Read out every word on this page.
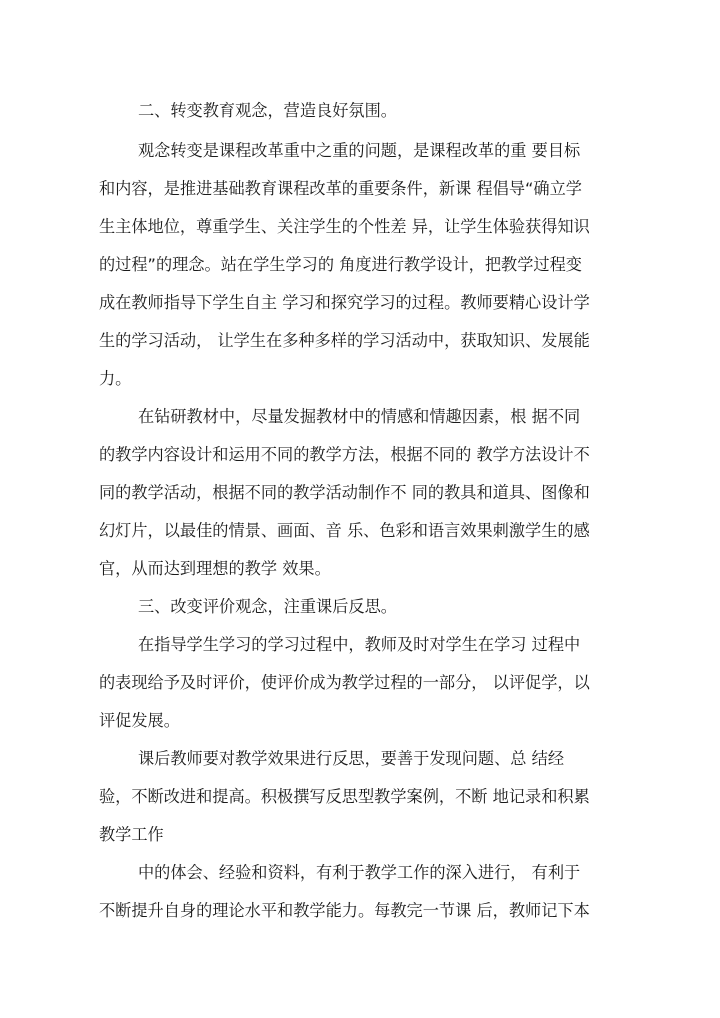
二、转变教育观念，营造良好氛围。
观念转变是课程改革重中之重的问题，是课程改革的重 要目标
和内容，是推进基础教育课程改革的重要条件，新课 程倡导“确立学
生主体地位，尊重学生、关注学生的个性差 异，让学生体验获得知识
的过程”的理念。站在学生学习的 角度进行教学设计，把教学过程变
成在教师指导下学生自主 学习和探究学习的过程。教师要精心设计学
生的学习活动， 让学生在多种多样的学习活动中，获取知识、发展能
力。
在钻研教材中，尽量发掘教材中的情感和情趣因素，根 据不同
的教学内容设计和运用不同的教学方法，根据不同的 教学方法设计不
同的教学活动，根据不同的教学活动制作不 同的教具和道具、图像和
幻灯片，以最佳的情景、画面、音 乐、色彩和语言效果刺激学生的感
官，从而达到理想的教学 效果。
三、改变评价观念，注重课后反思。
在指导学生学习的学习过程中，教师及时对学生在学习 过程中
的表现给予及时评价，使评价成为教学过程的一部分， 以评促学，以
评促发展。
课后教师要对教学效果进行反思，要善于发现问题、总 结经
验，不断改进和提高。积极撰写反思型教学案例，不断 地记录和积累
教学工作
中的体会、经验和资料，有利于教学工作的深入进行， 有利于
不断提升自身的理论水平和教学能力。每教完一节课 后，教师记下本
